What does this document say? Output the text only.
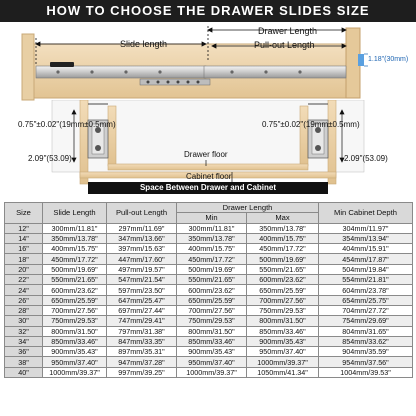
HOW TO CHOOSE THE DRAWER SLIDES SIZE
Drawer Length
Slide length	Pull-out Length
1.18"(30mm)
0.75"±0.02"(19mm±0.5mm)	0.75"±0.02"(19mm±0.5mm)
2.09"(53.09)	2.09"(53.09)
Drawer floor
Cabinet floor
Space Between Drawer and Cabinet
Size	Slide Length	Pull-out Length	Drawer Length		Min Cabinet Depth
			Min	Max	
12"	300mm/11.81"	297mm/11.69"	300mm/11.81"	350mm/13.78"	304mm/11.97"
14"	350mm/13.78"	347mm/13.66"	350mm/13.78"	400mm/15.75"	354mm/13.94"
16"	400mm/15.75"	397mm/15.63"	400mm/15.75"	450mm/17.72"	404mm/15.91"
18"	450mm/17.72"	447mm/17.60"	450mm/17.72"	500mm/19.69"	454mm/17.87"
20"	500mm/19.69"	497mm/19.57"	500mm/19.69"	550mm/21.65"	504mm/19.84"
22"	550mm/21.65"	547mm/21.54"	550mm/21.65"	600mm/23.62"	554mm/21.81"
24"	600mm/23.62"	597mm/23.50"	600mm/23.62"	650mm/25.59"	604mm/23.78"
26"	650mm/25.59"	647mm/25.47"	650mm/25.59"	700mm/27.56"	654mm/25.75"
28"	700mm/27.56"	697mm/27.44"	700mm/27.56"	750mm/29.53"	704mm/27.72"
30"	750mm/29.53"	747mm/29.41"	750mm/29.53"	800mm/31.50"	754mm/29.69"
32"	800mm/31.50"	797mm/31.38"	800mm/31.50"	850mm/33.46"	804mm/31.65"
34"	850mm/33.46"	847mm/33.35"	850mm/33.46"	900mm/35.43"	854mm/33.62"
36"	900mm/35.43"	897mm/35.31"	900mm/35.43"	950mm/37.40"	904mm/35.59"
38"	950mm/37.40"	947mm/37.28"	950mm/37.40"	1000mm/39.37"	954mm/37.56"
40"	1000mm/39.37"	997mm/39.25"	1000mm/39.37"	1050mm/41.34"	1004mm/39.53"
